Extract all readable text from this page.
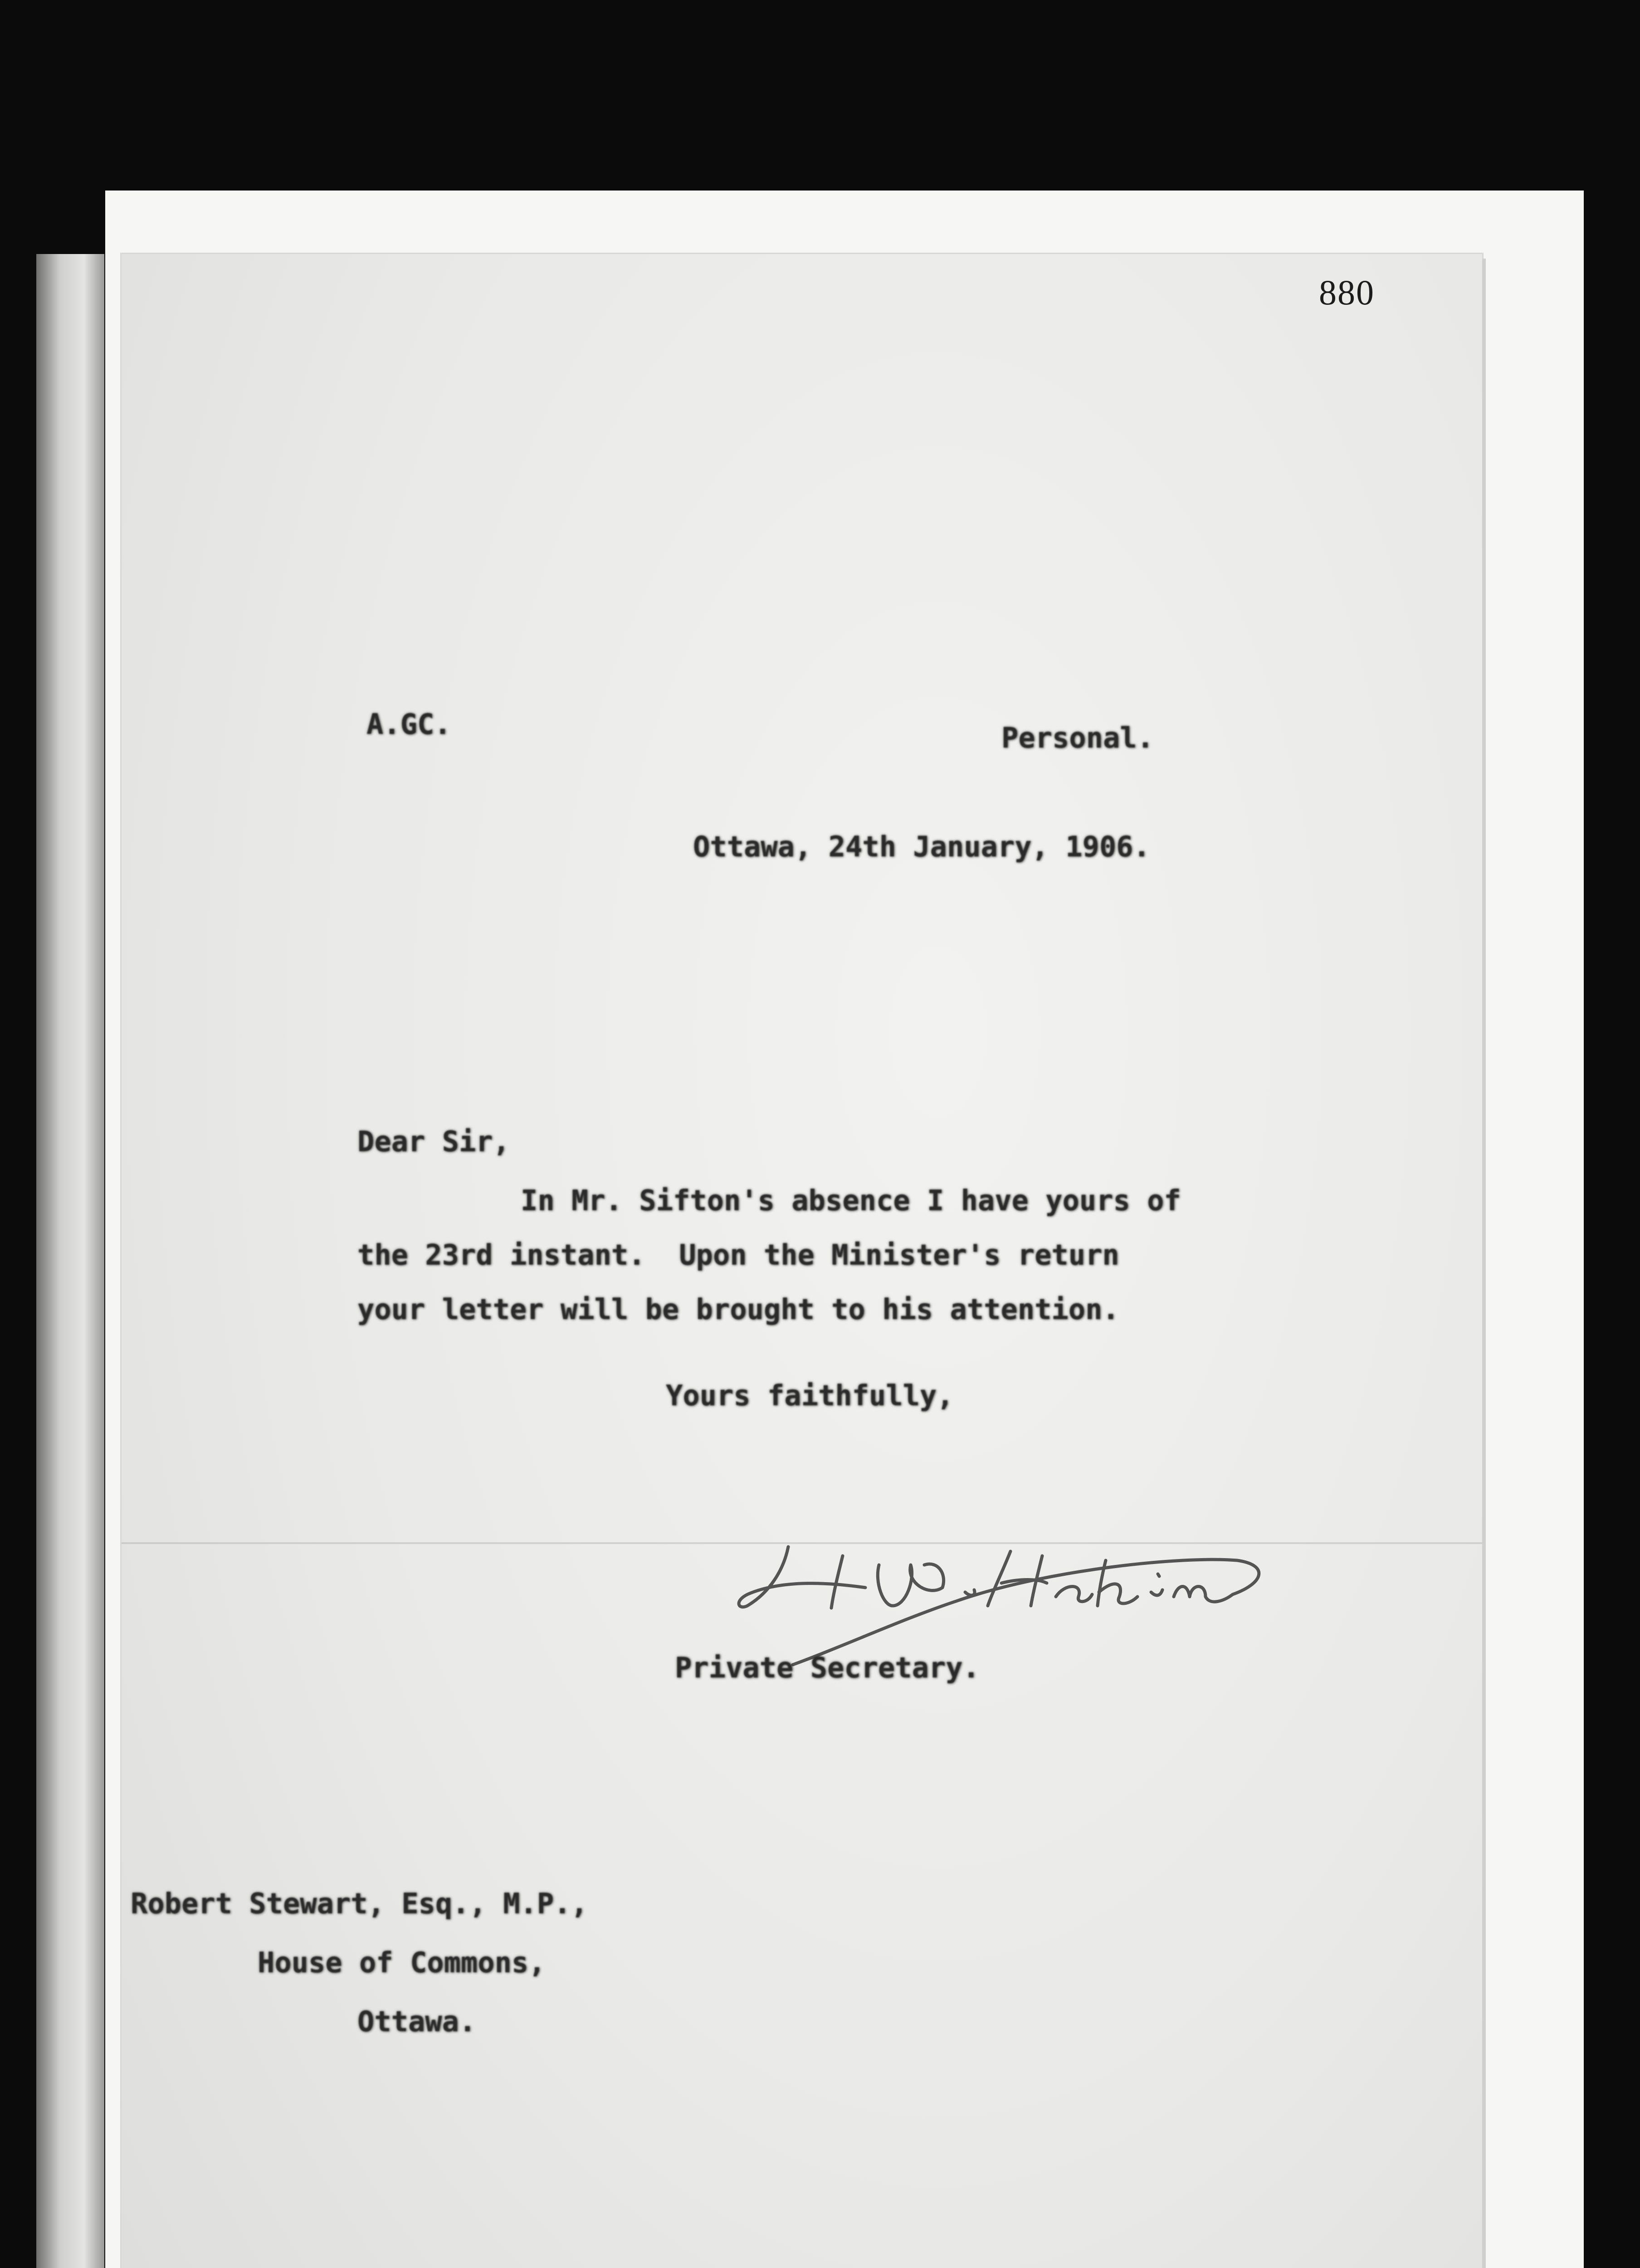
880
A.GC.	Personal.
Ottawa, 24th January, 1906.
Dear Sir,
In Mr. Sifton's absence I have yours of
the 23rd instant.  Upon the Minister's return
your letter will be brought to his attention.
Yours faithfully,
Private Secretary.
Robert Stewart, Esq., M.P.,
House of Commons,
Ottawa.
